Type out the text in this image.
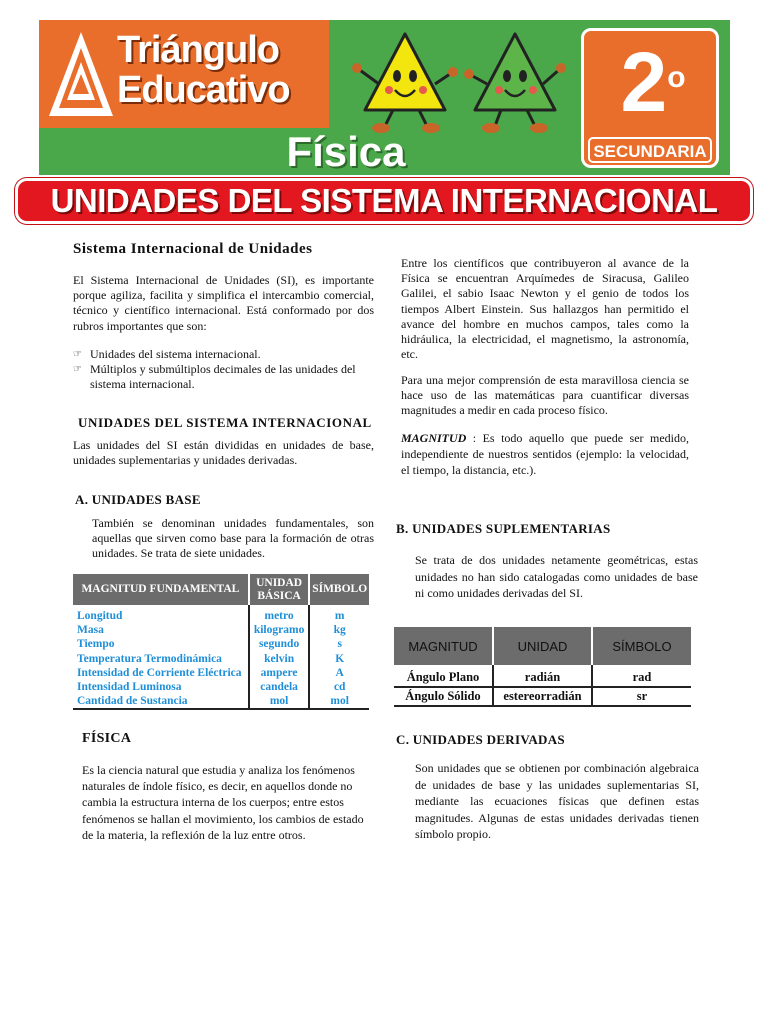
Triángulo
Educativo
Física
2$^o$
SECUNDARIA
UNIDADES DEL SISTEMA INTERNACIONAL
Sistema Internacional de Unidades
El Sistema Internacional de Unidades (SI), es importante porque agiliza, facilita y simplifica el intercambio comercial, técnico y científico internacional. Está conformado por dos rubros importantes que son:
☞ Unidades del sistema internacional.
☞ Múltiplos y submúltiplos decimales de las unidades del sistema internacional.
UNIDADES DEL SISTEMA INTERNACIONAL
Las unidades del SI están divididas en unidades de base, unidades suplementarias y unidades derivadas.
A. UNIDADES BASE
También se denominan unidades fundamentales, son aquellas que sirven como base para la formación de otras unidades. Se trata de siete unidades.
MAGNITUD FUNDAMENTAL	UNIDAD BÁSICA	SÍMBOLO

Longitud	metro	m
Masa	kilogramo	kg
Tiempo	segundo	s
Temperatura Termodinámica	kelvin	K
Intensidad de Corriente Eléctrica	ampere	A
Intensidad Luminosa	candela	cd
Cantidad de Sustancia	mol	mol
FÍSICA
Es la ciencia natural que estudia y analiza los fenómenos naturales de índole físico, es decir, en aquellos donde no cambia la estructura interna de los cuerpos; entre estos fenómenos se hallan el movimiento, los cambios de estado de la materia, la reflexión de la luz entre otros.
Entre los científicos que contribuyeron al avance de la Física se encuentran Arquímedes de Siracusa, Galileo Galilei, el sabio Isaac Newton y el genio de todos los tiempos Albert Einstein. Sus hallazgos han permitido el avance del hombre en muchos campos, tales como la hidráulica, la electricidad, el magnetismo, la astronomía, etc.
Para una mejor comprensión de esta maravillosa ciencia se hace uso de las matemáticas para cuantificar diversas magnitudes a medir en cada proceso físico.
MAGNITUD : Es todo aquello que puede ser medido, independiente de nuestros sentidos (ejemplo: la velocidad, el tiempo, la distancia, etc.).
B. UNIDADES SUPLEMENTARIAS
Se trata de dos unidades netamente geométricas, estas unidades no han sido catalogadas como unidades de base ni como unidades derivadas del SI.
MAGNITUD	UNIDAD	SÍMBOLO

Ángulo Plano	radián	rad
Ángulo Sólido	estereorradián	sr
C. UNIDADES DERIVADAS
Son unidades que se obtienen por combinación algebraica de unidades de base y las unidades suplementarias SI, mediante las ecuaciones físicas que definen estas magnitudes. Algunas de estas unidades derivadas tienen símbolo propio.
